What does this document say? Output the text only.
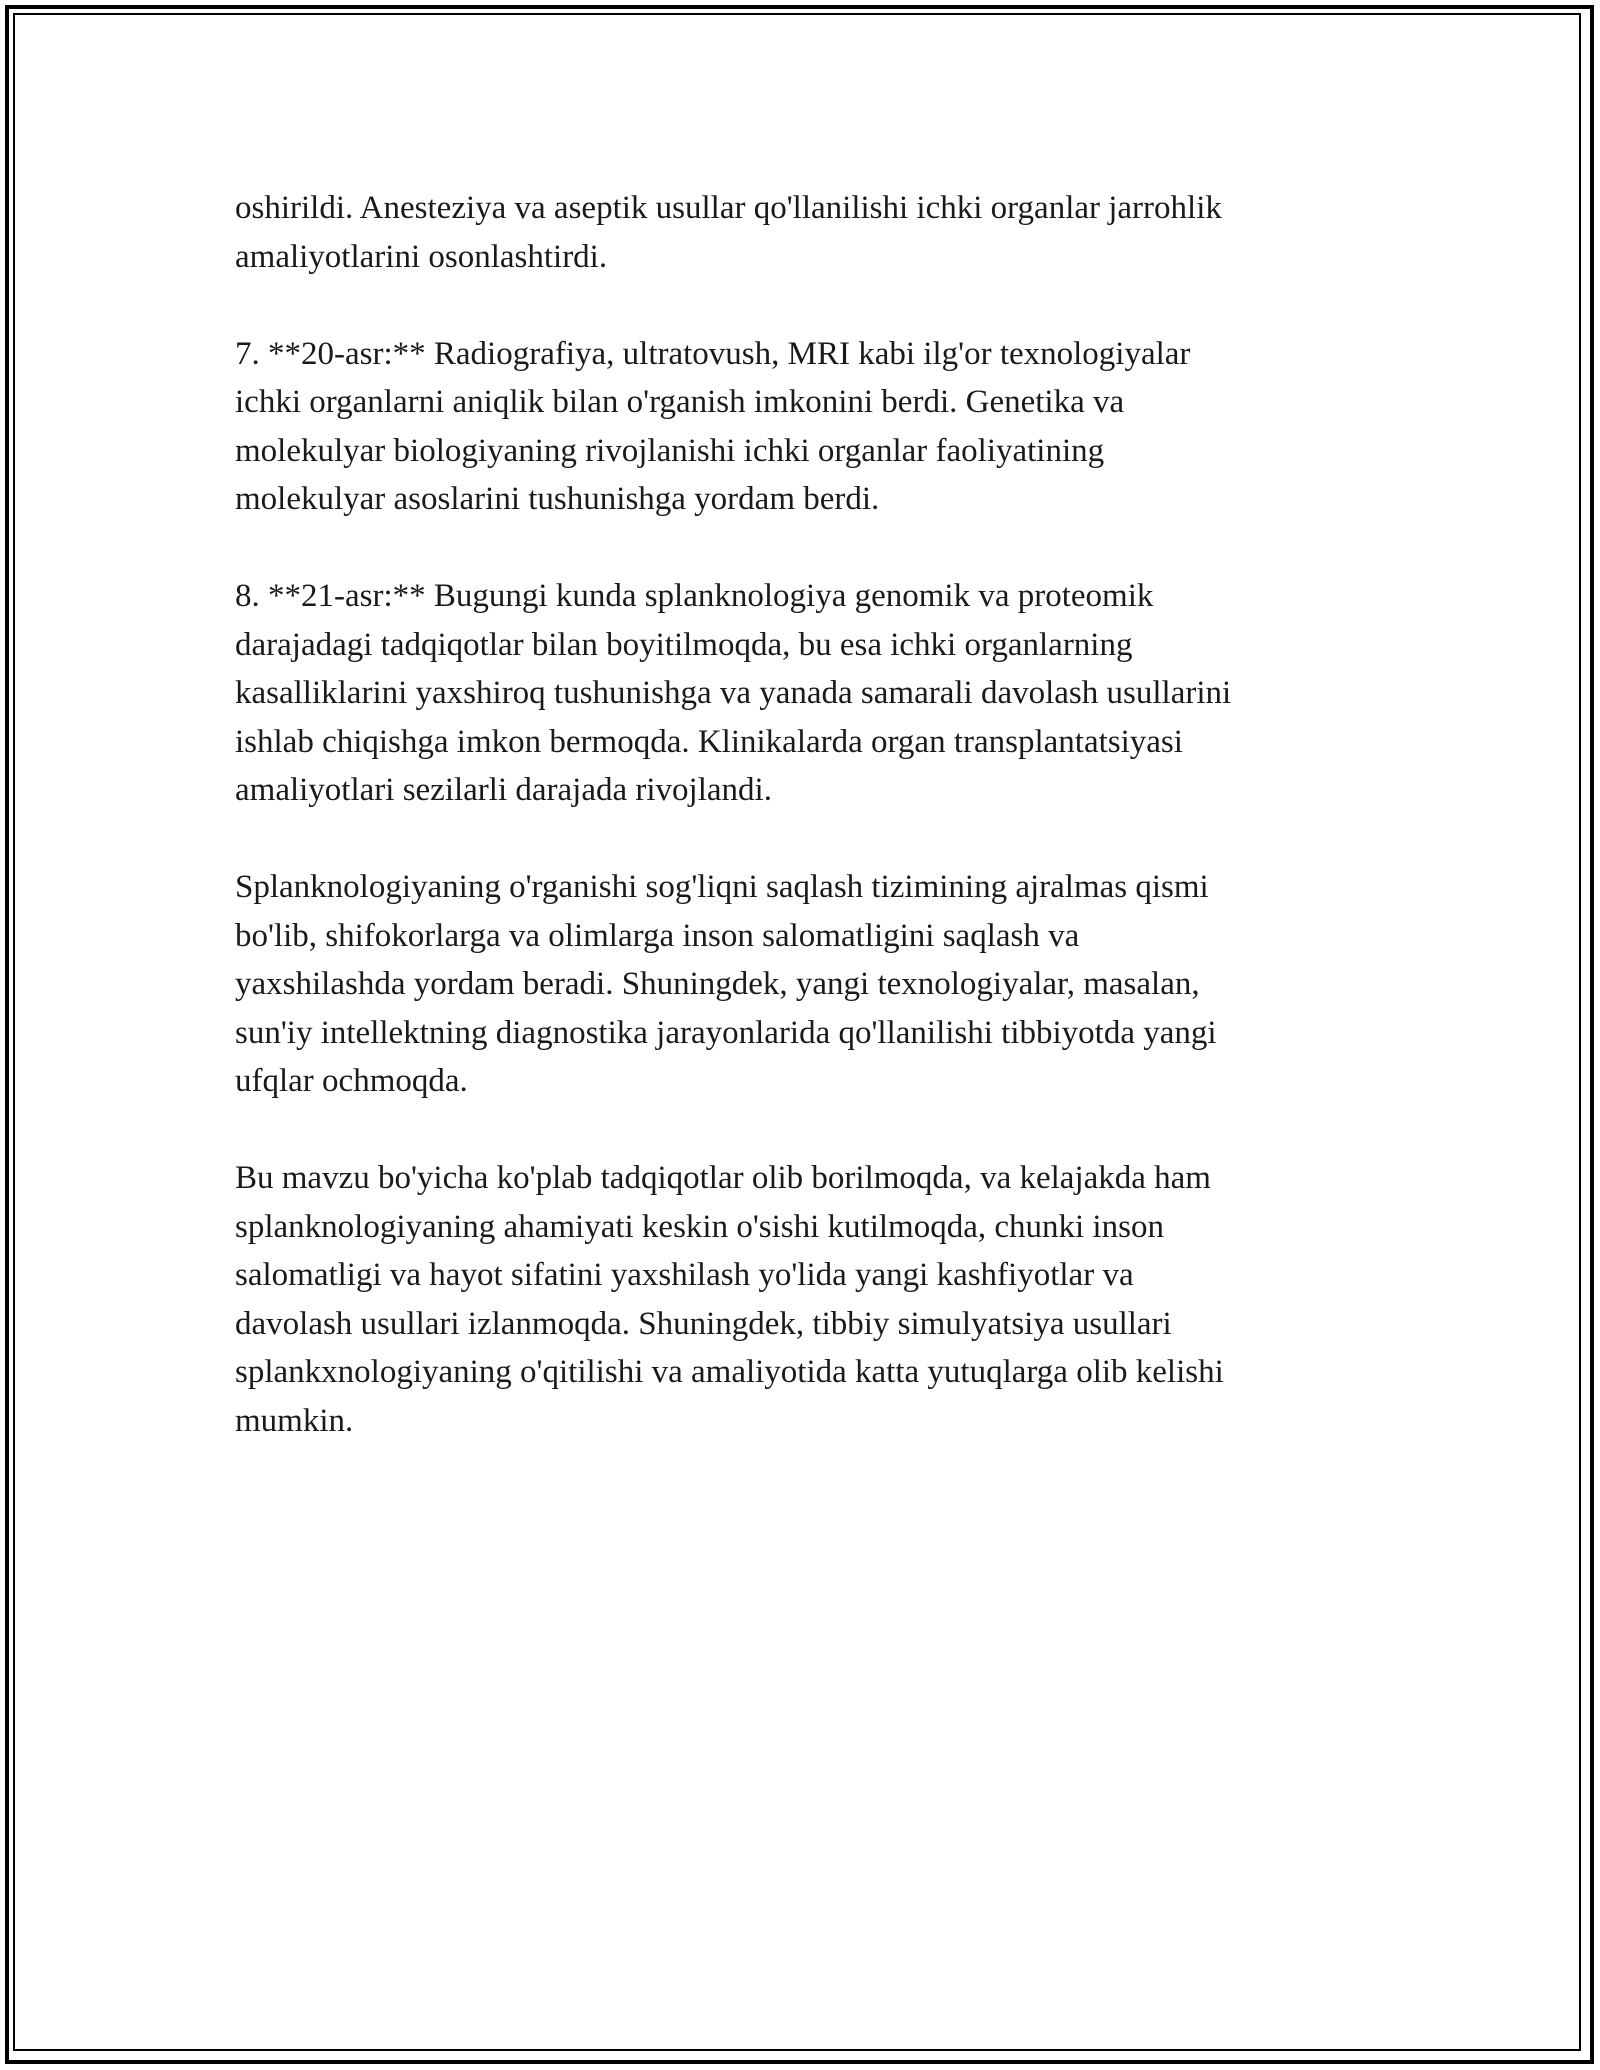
oshirildi. Anesteziya va aseptik usullar qo'llanilishi ichki organlar jarrohlik
amaliyotlarini osonlashtirdi.

7. **20-asr:** Radiografiya, ultratovush, MRI kabi ilg'or texnologiyalar
ichki organlarni aniqlik bilan o'rganish imkonini berdi. Genetika va
molekulyar biologiyaning rivojlanishi ichki organlar faoliyatining
molekulyar asoslarini tushunishga yordam berdi.

8. **21-asr:** Bugungi kunda splanknologiya genomik va proteomik
darajadagi tadqiqotlar bilan boyitilmoqda, bu esa ichki organlarning
kasalliklarini yaxshiroq tushunishga va yanada samarali davolash usullarini
ishlab chiqishga imkon bermoqda. Klinikalarda organ transplantatsiyasi
amaliyotlari sezilarli darajada rivojlandi.

Splanknologiyaning o'rganishi sog'liqni saqlash tizimining ajralmas qismi
bo'lib, shifokorlarga va olimlarga inson salomatligini saqlash va
yaxshilashda yordam beradi. Shuningdek, yangi texnologiyalar, masalan,
sun'iy intellektning diagnostika jarayonlarida qo'llanilishi tibbiyotda yangi
ufqlar ochmoqda.

Bu mavzu bo'yicha ko'plab tadqiqotlar olib borilmoqda, va kelajakda ham
splanknologiyaning ahamiyati keskin o'sishi kutilmoqda, chunki inson
salomatligi va hayot sifatini yaxshilash yo'lida yangi kashfiyotlar va
davolash usullari izlanmoqda. Shuningdek, tibbiy simulyatsiya usullari
splankxnologiyaning o'qitilishi va amaliyotida katta yutuqlarga olib kelishi
mumkin.
